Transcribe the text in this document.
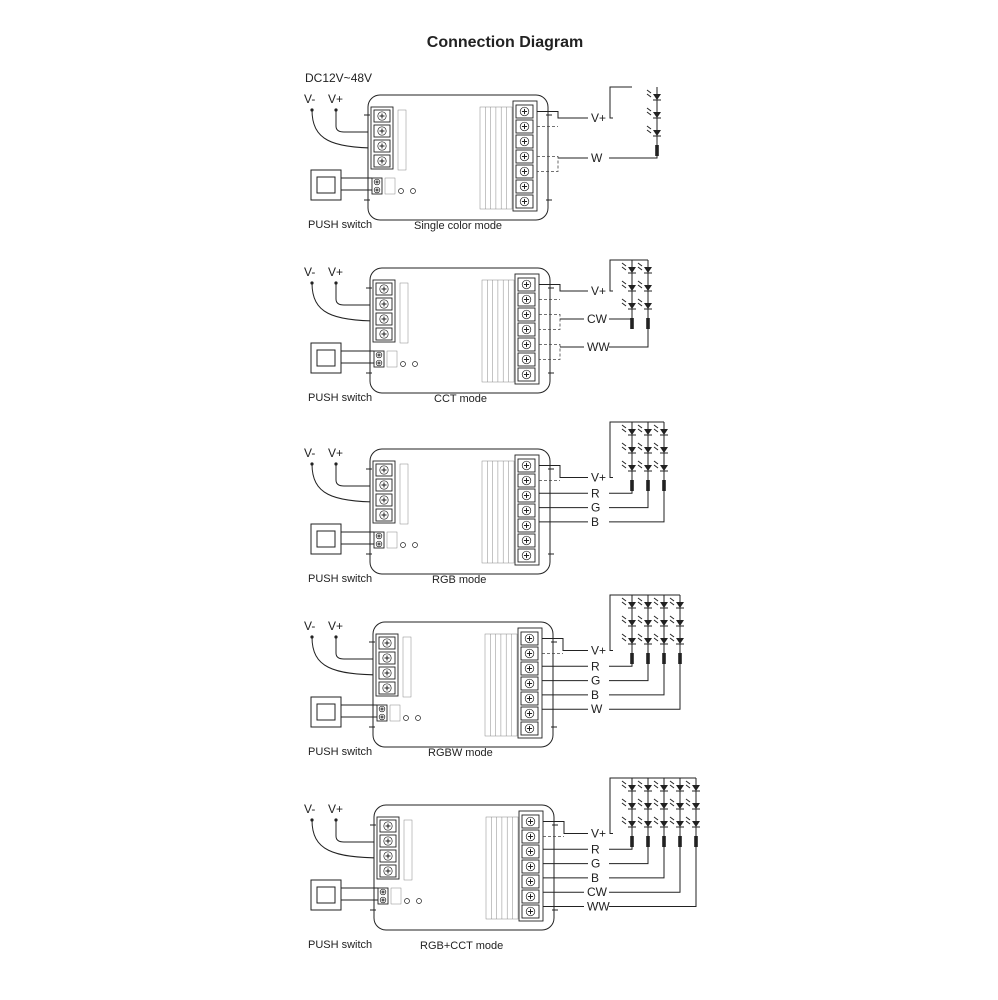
Connection Diagram
DC12V~48V
V- V+
V+
W
PUSH switch	Single color mode
V- V+
V+
CW
WW
PUSH switch	CCT mode
V- V+
V+
R
G
B
PUSH switch	RGB mode
V- V+
V+
R
G
B
W
PUSH switch	RGBW mode
V- V+
V+
R
G
B
CW
WW
PUSH switch	RGB+CCT mode
